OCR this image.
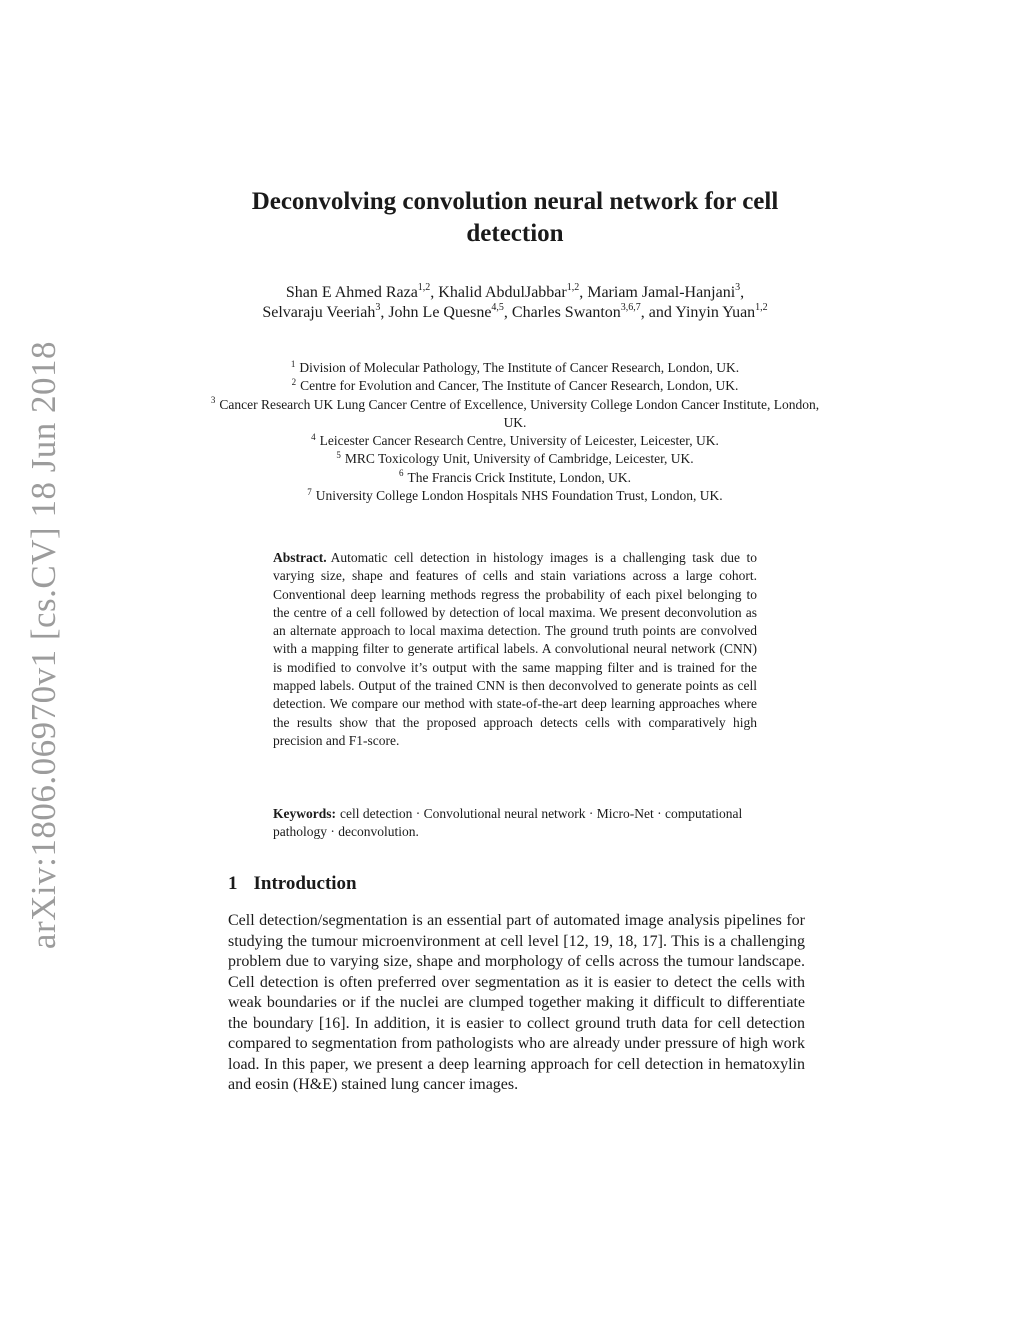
arXiv:1806.06970v1 [cs.CV] 18 Jun 2018
Deconvolving convolution neural network for cell detection
Shan E Ahmed Raza$^{1,2}$, Khalid AbdulJabbar$^{1,2}$, Mariam Jamal-Hanjani$^3$,
Selvaraju Veeriah$^3$, John Le Quesne$^{4,5}$, Charles Swanton$^{3,6,7}$, and Yinyin Yuan$^{1,2}$
$^1$ Division of Molecular Pathology, The Institute of Cancer Research, London, UK.
$^2$ Centre for Evolution and Cancer, The Institute of Cancer Research, London, UK.
$^3$ Cancer Research UK Lung Cancer Centre of Excellence, University College London Cancer Institute, London, UK.
$^4$ Leicester Cancer Research Centre, University of Leicester, Leicester, UK.
$^5$ MRC Toxicology Unit, University of Cambridge, Leicester, UK.
$^6$ The Francis Crick Institute, London, UK.
$^7$ University College London Hospitals NHS Foundation Trust, London, UK.

Abstract. Automatic cell detection in histology images is a challenging task due to varying size, shape and features of cells and stain variations across a large cohort. Conventional deep learning methods regress the probability of each pixel belonging to the centre of a cell followed by detection of local maxima. We present deconvolution as an alternate approach to local maxima detection. The ground truth points are convolved with a mapping filter to generate artifical labels. A convolutional neural network (CNN) is modified to convolve it’s output with the same mapping filter and is trained for the mapped labels. Output of the trained CNN is then deconvolved to generate points as cell detection. We compare our method with state-of-the-art deep learning approaches where the results show that the proposed approach detects cells with comparatively high precision and F1-score.

Keywords: cell detection · Convolutional neural network · Micro-Net · computational pathology · deconvolution.

1 Introduction

Cell detection/segmentation is an essential part of automated image analysis pipelines for studying the tumour microenvironment at cell level [12, 19, 18, 17]. This is a challenging problem due to varying size, shape and morphology of cells across the tumour landscape. Cell detection is often preferred over segmentation as it is easier to detect the cells with weak boundaries or if the nuclei are clumped together making it difficult to differentiate the boundary [16]. In addition, it is easier to collect ground truth data for cell detection compared to segmentation from pathologists who are already under pressure of high work load. In this paper, we present a deep learning approach for cell detection in hematoxylin and eosin (H&E) stained lung cancer images.
